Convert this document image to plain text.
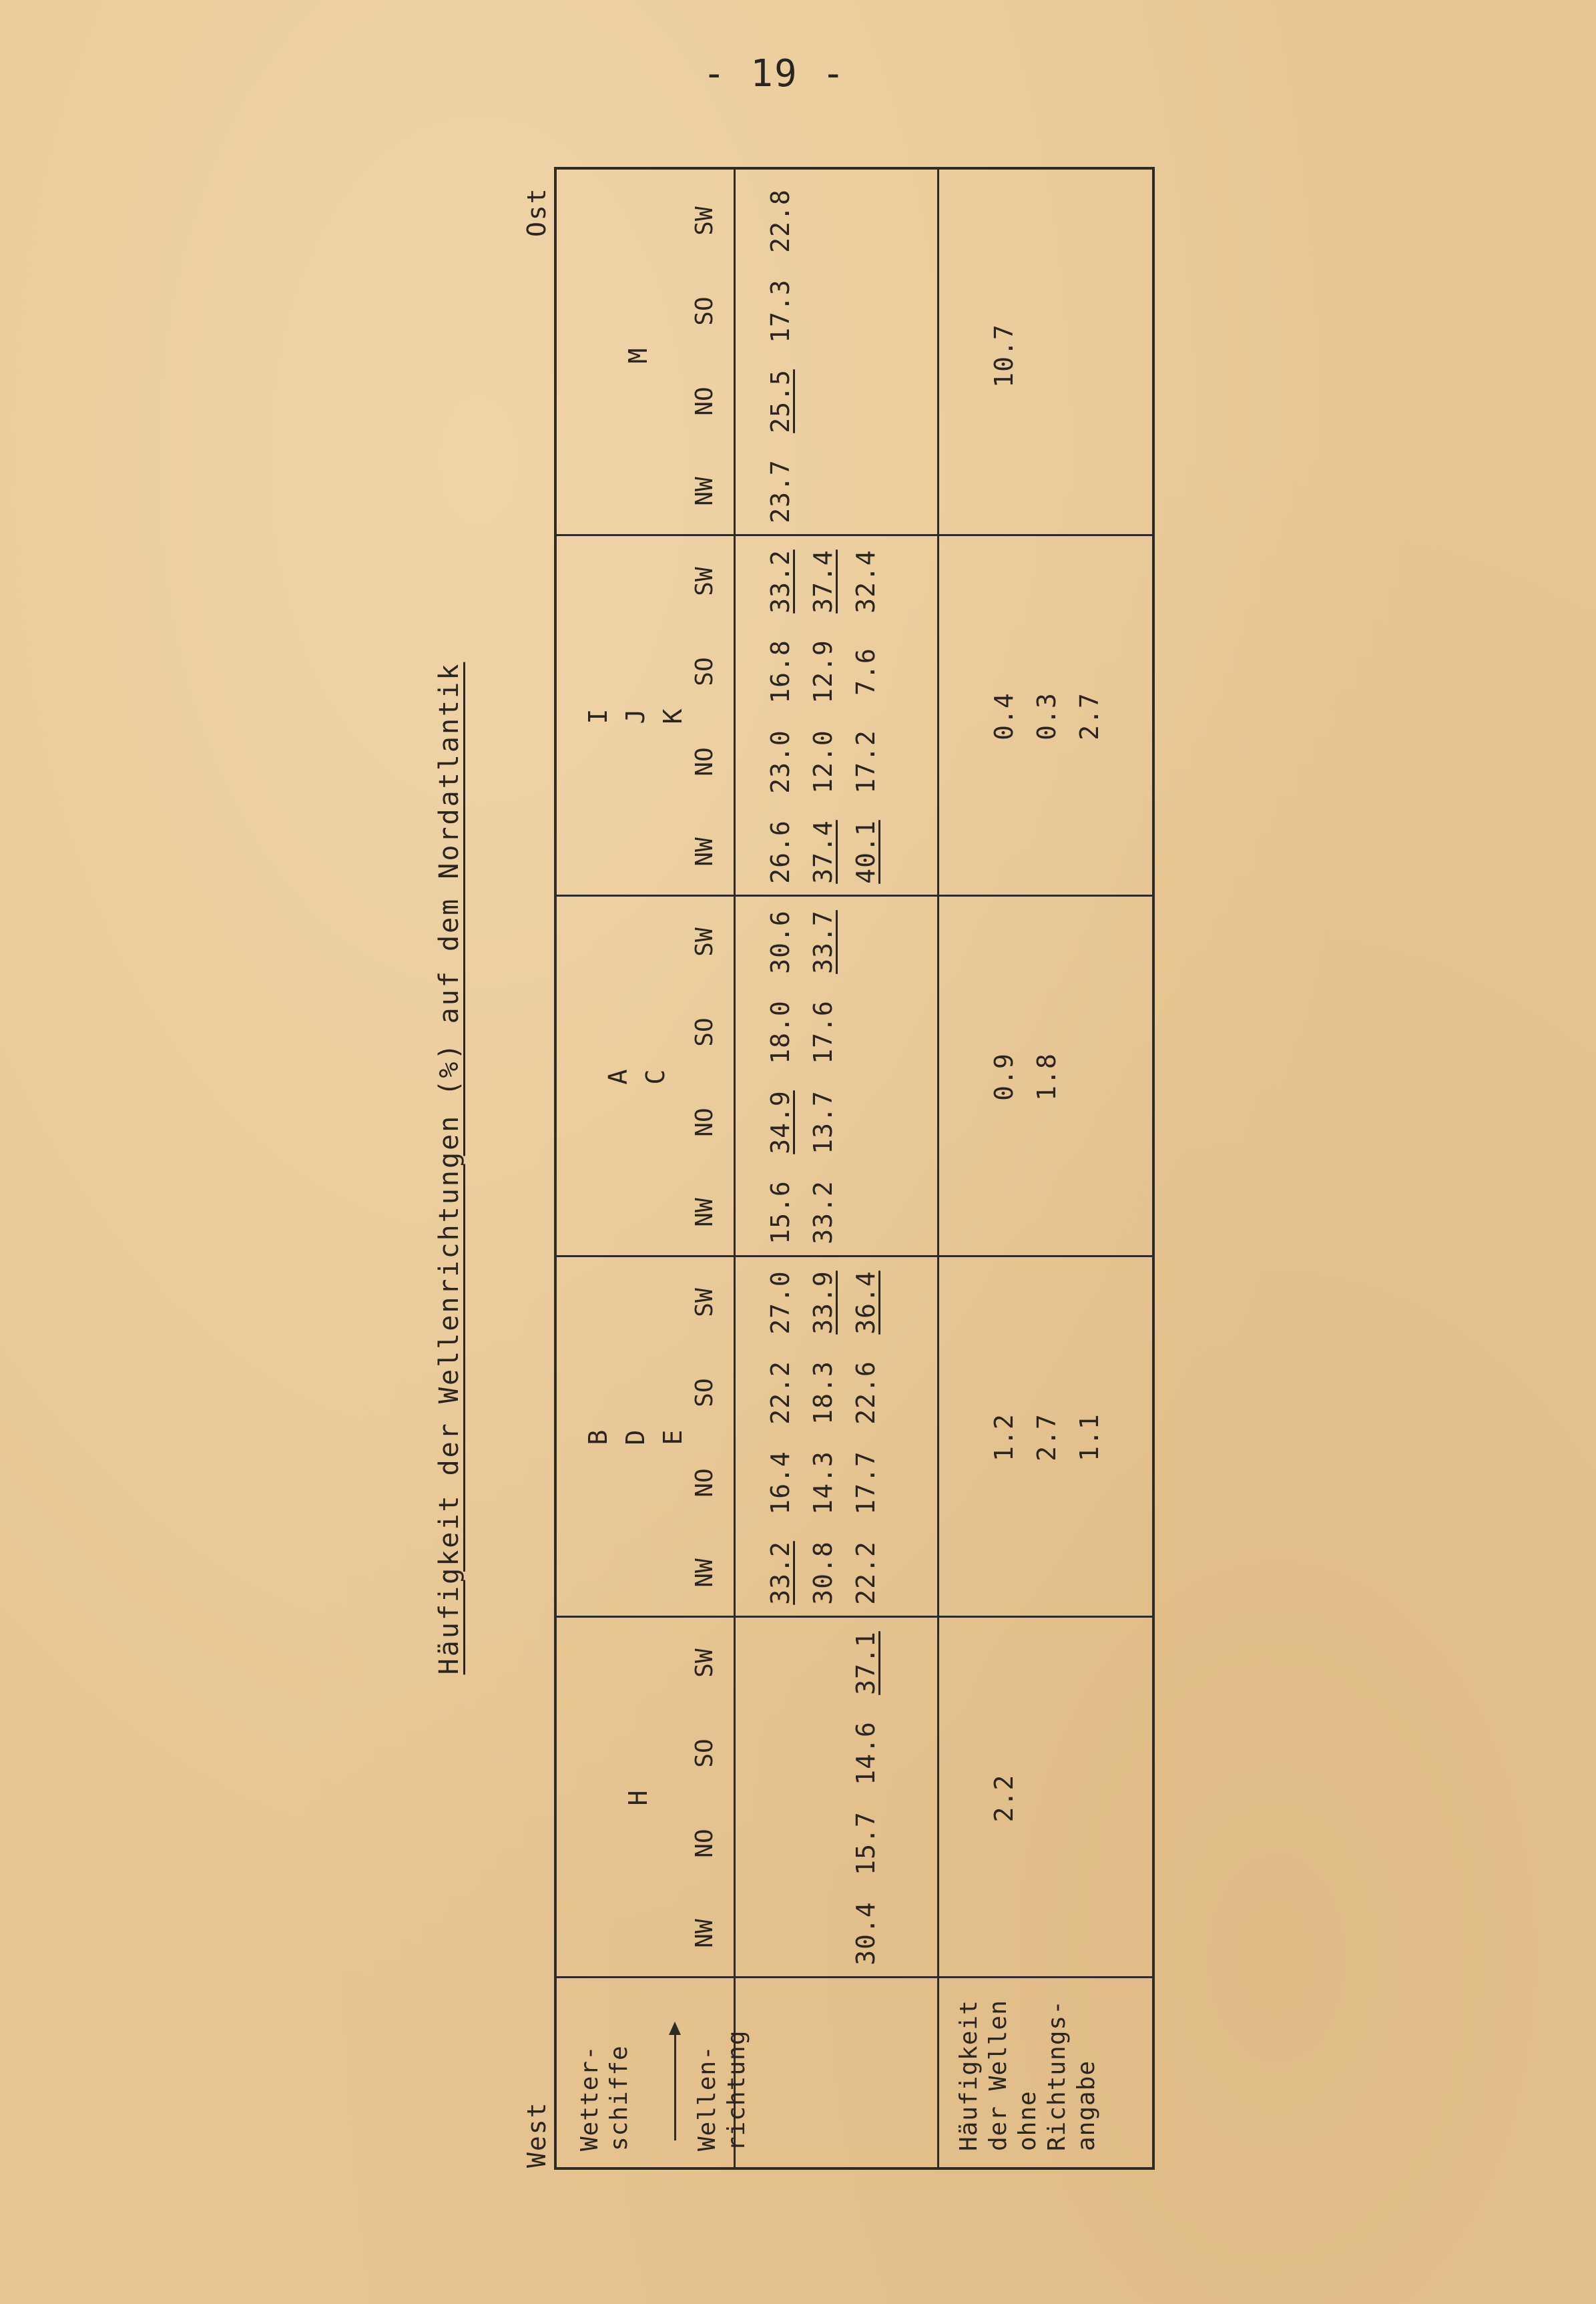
- 19 -
Häufigkeit der Wellenrichtungen (%) auf dem Nordatlantik
West
Ost
Wetter-
schiffe	Wellen-
richtung	Häufigkeit
der Wellen
ohne
Richtungs-
angabe
H
NW
NO
SO
SW
30.4
15.7
14.6
37.1
2.2
B D E
NW
NO
SO
SW
33.2
16.4
22.2
27.0
30.8
14.3
18.3
33.9
22.2
17.7
22.6
36.4
1.2 2.7 1.1
A C
NW
NO
SO
SW
15.6
34.9
18.0
30.6
33.2
13.7
17.6
33.7
0.9 1.8
I J K
NW
NO
SO
SW
26.6
23.0
16.8
33.2
37.4
12.0
12.9
37.4
40.1
17.2
7.6
32.4
0.4 0.3 2.7
M
NW
NO
SO
SW
23.7
25.5
17.3
22.8
10.7
